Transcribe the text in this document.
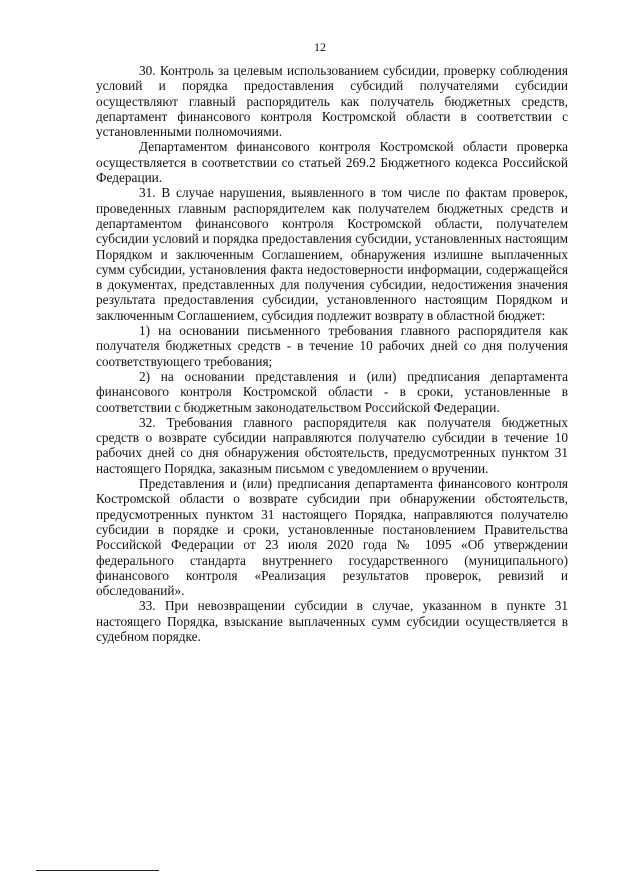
12

30. Контроль за целевым использованием субсидии, проверку соблюдения условий и порядка предоставления субсидий получателями субсидии осуществляют главный распорядитель как получатель бюджетных средств, департамент финансового контроля Костромской области в соответствии с установленными полномочиями.

Департаментом финансового контроля Костромской области проверка осуществляется в соответствии со статьей 269.2 Бюджетного кодекса Российской Федерации.

31. В случае нарушения, выявленного в том числе по фактам проверок, проведенных главным распорядителем как получателем бюджетных средств и департаментом финансового контроля Костромской области, получателем субсидии условий и порядка предоставления субсидии, установленных настоящим Порядком и заключенным Соглашением, обнаружения излишне выплаченных сумм субсидии, установления факта недостоверности информации, содержащейся в документах, представленных для получения субсидии, недостижения значения результата предоставления субсидии, установленного настоящим Порядком и заключенным Соглашением, субсидия подлежит возврату в областной бюджет:

1) на основании письменного требования главного распорядителя как получателя бюджетных средств - в течение 10 рабочих дней со дня получения соответствующего требования;

2) на основании представления и (или) предписания департамента финансового контроля Костромской области - в сроки, установленные в соответствии с бюджетным законодательством Российской Федерации.

32. Требования главного распорядителя как получателя бюджетных средств о возврате субсидии направляются получателю субсидии в течение 10 рабочих дней со дня обнаружения обстоятельств, предусмотренных пунктом 31 настоящего Порядка, заказным письмом с уведомлением о вручении.

Представления и (или) предписания департамента финансового контроля Костромской области о возврате субсидии при обнаружении обстоятельств, предусмотренных пунктом 31 настоящего Порядка, направляются получателю субсидии в порядке и сроки, установленные постановлением Правительства Российской Федерации от 23 июля 2020 года № 1095 «Об утверждении федерального стандарта внутреннего государственного (муниципального) финансового контроля «Реализация результатов проверок, ревизий и обследований».

33. При невозвращении субсидии в случае, указанном в пункте 31 настоящего Порядка, взыскание выплаченных сумм субсидии осуществляется в судебном порядке.
